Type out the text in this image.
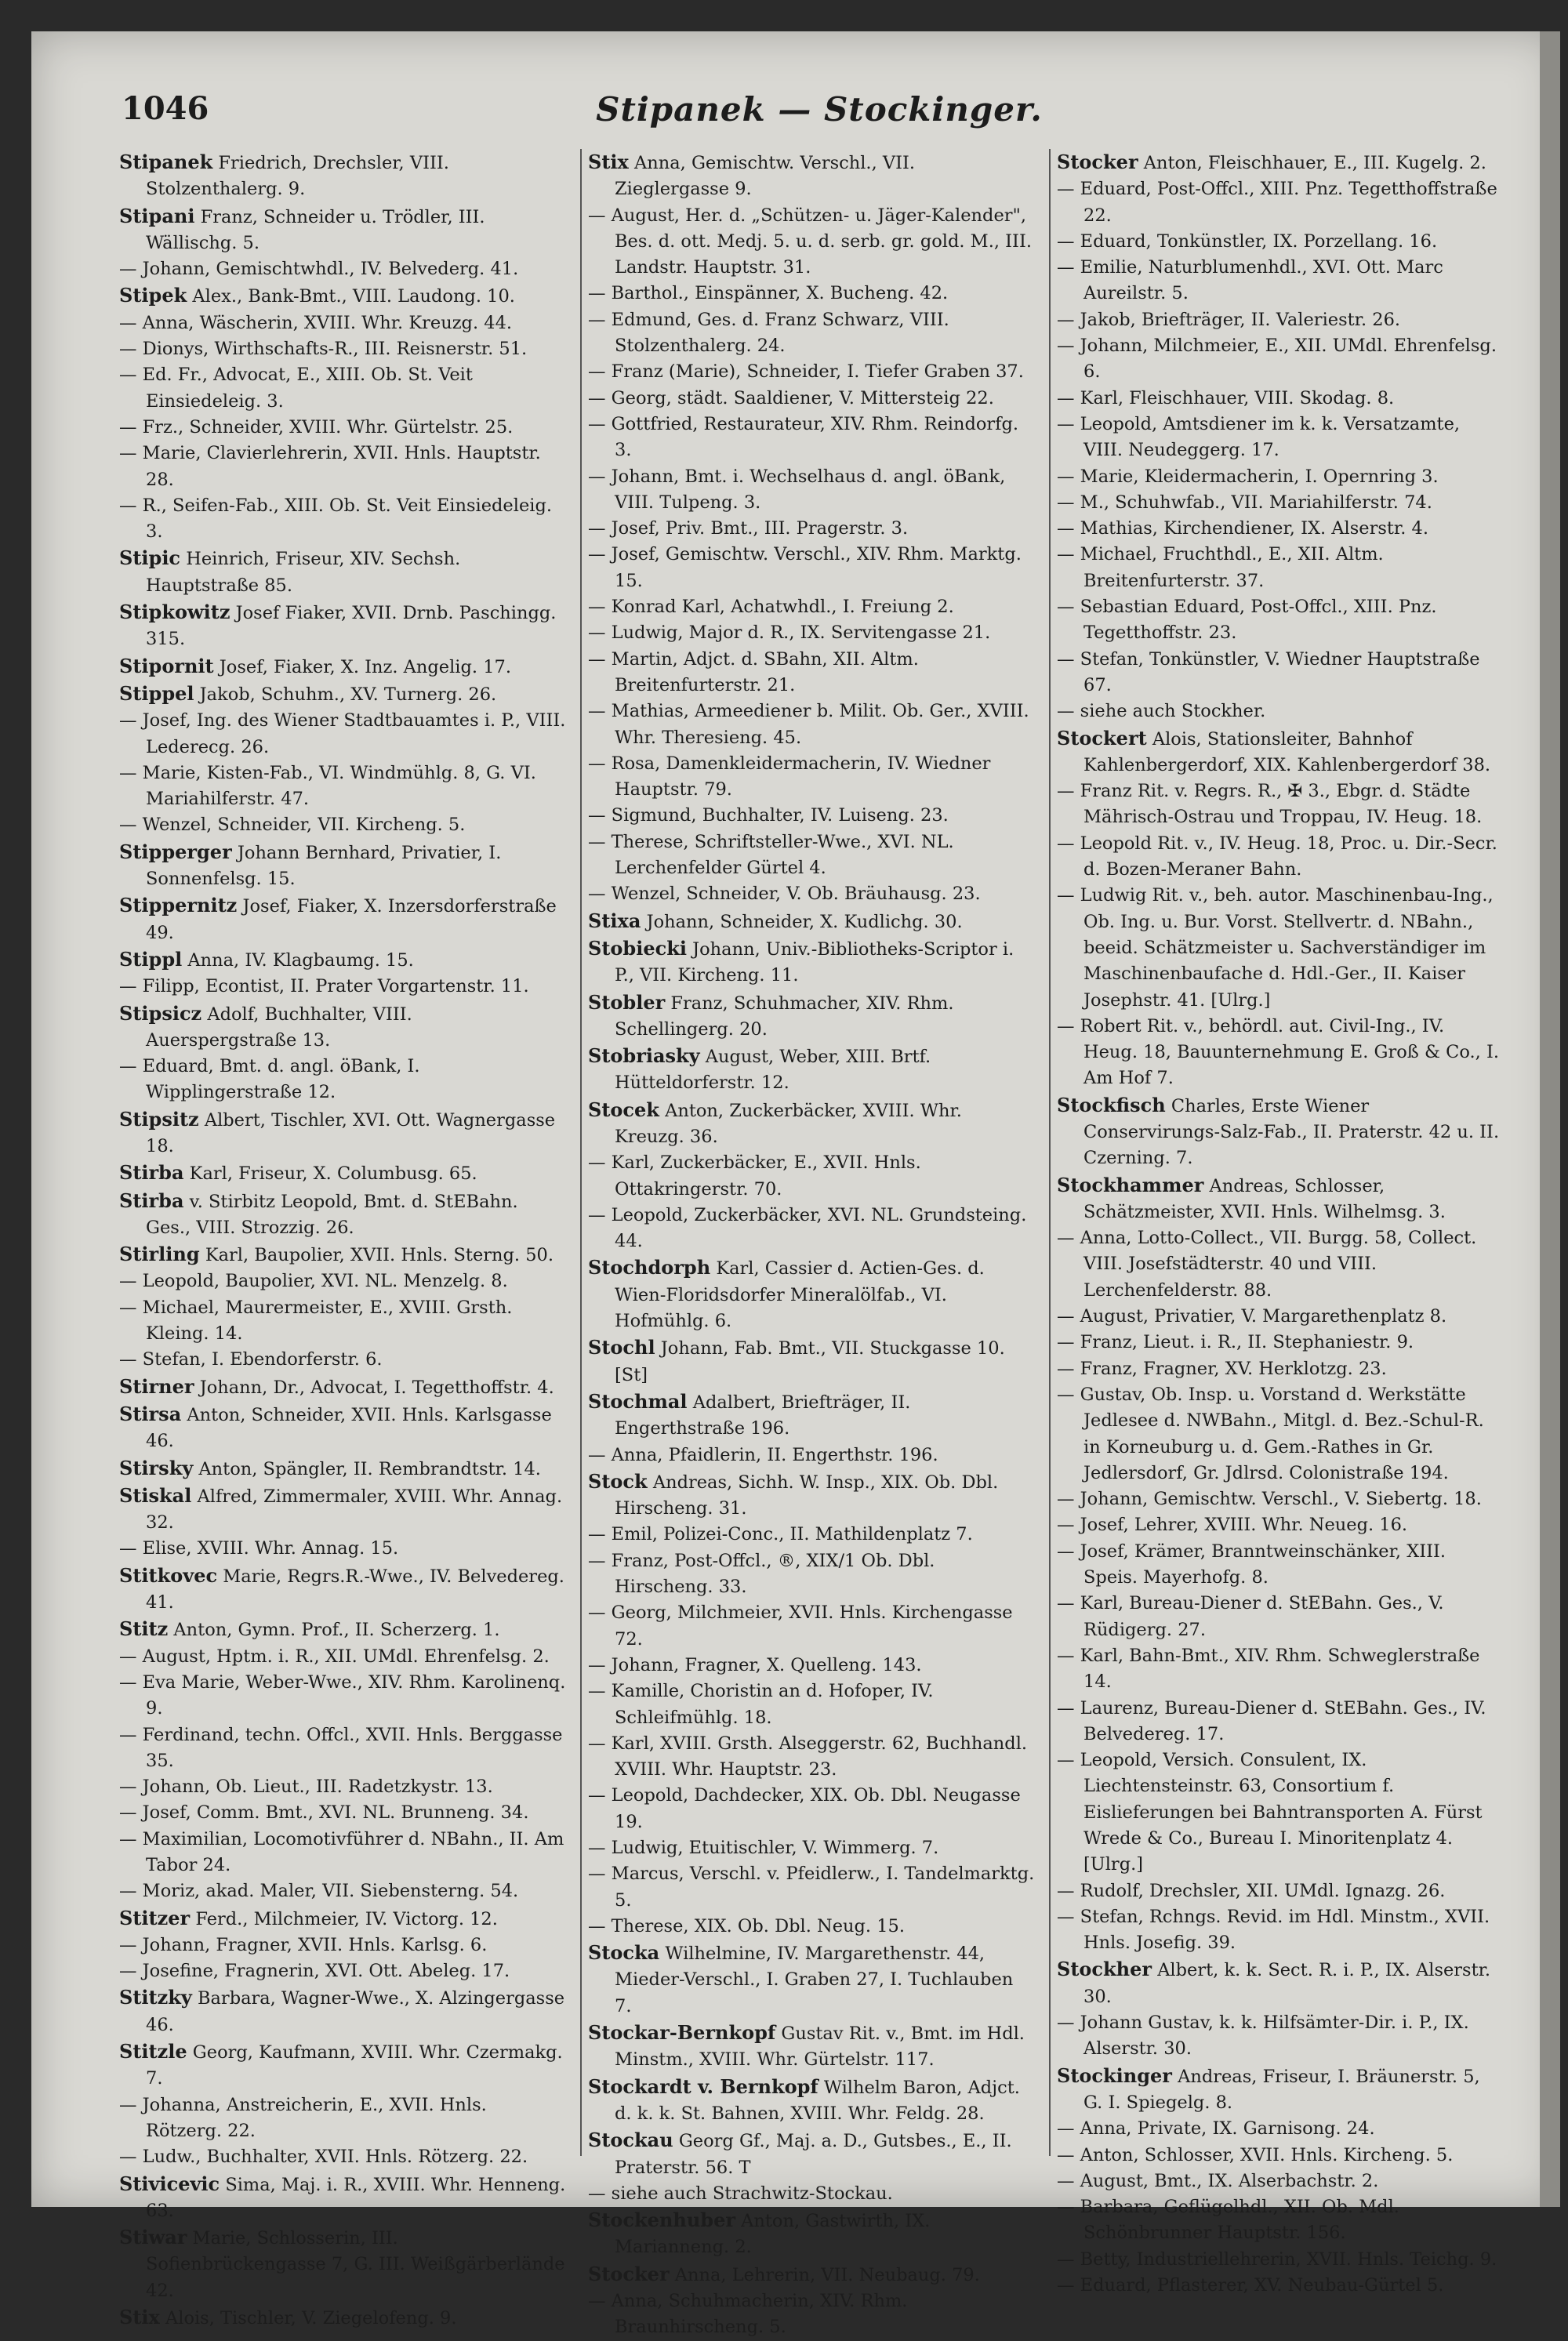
1046	Stipanek — Stockinger.
Stipanek Friedrich, Drechsler, VIII. Stolzenthalerg. 9.
Stipani Franz, Schneider u. Trödler, III. Wällischg. 5.
— Johann, Gemischtwhdl., IV. Belvederg. 41.
Stipek Alex., Bank-Bmt., VIII. Laudong. 10.
— Anna, Wäscherin, XVIII. Whr. Kreuzg. 44.
— Dionys, Wirthschafts-R., III. Reisnerstr. 51.
— Ed. Fr., Advocat, E., XIII. Ob. St. Veit Einsiedeleig. 3.
— Frz., Schneider, XVIII. Whr. Gürtelstr. 25.
— Marie, Clavierlehrerin, XVII. Hnls. Hauptstr. 28.
— R., Seifen-Fab., XIII. Ob. St. Veit Einsiedeleig. 3.
Stipic Heinrich, Friseur, XIV. Sechsh. Hauptstraße 85.
Stipkowitz Josef Fiaker, XVII. Drnb. Paschingg. 315.
Stipornit Josef, Fiaker, X. Inz. Angelig. 17.
Stippel Jakob, Schuhm., XV. Turnerg. 26.
— Josef, Ing. des Wiener Stadtbauamtes i. P., VIII. Lederecg. 26.
— Marie, Kisten-Fab., VI. Windmühlg. 8, G. VI. Mariahilferstr. 47.
— Wenzel, Schneider, VII. Kircheng. 5.
Stipperger Johann Bernhard, Privatier, I. Sonnenfelsg. 15.
Stippernitz Josef, Fiaker, X. Inzersdorferstraße 49.
Stippl Anna, IV. Klagbaumg. 15.
— Filipp, Econtist, II. Prater Vorgartenstr. 11.
Stipsicz Adolf, Buchhalter, VIII. Auerspergstraße 13.
— Eduard, Bmt. d. angl. öBank, I. Wipplingerstraße 12.
Stipsitz Albert, Tischler, XVI. Ott. Wagnergasse 18.
Stirba Karl, Friseur, X. Columbusg. 65.
Stirba v. Stirbitz Leopold, Bmt. d. StEBahn. Ges., VIII. Strozzig. 26.
Stirling Karl, Baupolier, XVII. Hnls. Sterng. 50.
— Leopold, Baupolier, XVI. NL. Menzelg. 8.
— Michael, Maurermeister, E., XVIII. Grsth. Kleing. 14.
— Stefan, I. Ebendorferstr. 6.
Stirner Johann, Dr., Advocat, I. Tegetthoffstr. 4.
Stirsa Anton, Schneider, XVII. Hnls. Karlsgasse 46.
Stirsky Anton, Spängler, II. Rembrandtstr. 14.
Stiskal Alfred, Zimmermaler, XVIII. Whr. Annag. 32.
— Elise, XVIII. Whr. Annag. 15.
Stitkovec Marie, Regrs.R.-Wwe., IV. Belvedereg. 41.
Stitz Anton, Gymn. Prof., II. Scherzerg. 1.
— August, Hptm. i. R., XII. UMdl. Ehrenfelsg. 2.
— Eva Marie, Weber-Wwe., XIV. Rhm. Karolinenq. 9.
— Ferdinand, techn. Offcl., XVII. Hnls. Berggasse 35.
— Johann, Ob. Lieut., III. Radetzkystr. 13.
— Josef, Comm. Bmt., XVI. NL. Brunneng. 34.
— Maximilian, Locomotivführer d. NBahn., II. Am Tabor 24.
— Moriz, akad. Maler, VII. Siebensterng. 54.
Stitzer Ferd., Milchmeier, IV. Victorg. 12.
— Johann, Fragner, XVII. Hnls. Karlsg. 6.
— Josefine, Fragnerin, XVI. Ott. Abeleg. 17.
Stitzky Barbara, Wagner-Wwe., X. Alzingergasse 46.
Stitzle Georg, Kaufmann, XVIII. Whr. Czermakg. 7.
— Johanna, Anstreicherin, E., XVII. Hnls. Rötzerg. 22.
— Ludw., Buchhalter, XVII. Hnls. Rötzerg. 22.
Stivicevic Sima, Maj. i. R., XVIII. Whr. Henneng. 63.
Stiwar Marie, Schlosserin, III. Sofienbrückengasse 7, G. III. Weißgärberlände 42.
Stix Alois, Tischler, V. Ziegelofeng. 9.
Stix Anna, Gemischtw. Verschl., VII. Zieglergasse 9.
— August, Her. d. „Schützen- u. Jäger-Kalender", Bes. d. ott. Medj. 5. u. d. serb. gr. gold. M., III. Landstr. Hauptstr. 31.
— Barthol., Einspänner, X. Bucheng. 42.
— Edmund, Ges. d. Franz Schwarz, VIII. Stolzenthalerg. 24.
— Franz (Marie), Schneider, I. Tiefer Graben 37.
— Georg, städt. Saaldiener, V. Mittersteig 22.
— Gottfried, Restaurateur, XIV. Rhm. Reindorfg. 3.
— Johann, Bmt. i. Wechselhaus d. angl. öBank, VIII. Tulpeng. 3.
— Josef, Priv. Bmt., III. Pragerstr. 3.
— Josef, Gemischtw. Verschl., XIV. Rhm. Marktg. 15.
— Konrad Karl, Achatwhdl., I. Freiung 2.
— Ludwig, Major d. R., IX. Servitengasse 21.
— Martin, Adjct. d. SBahn, XII. Altm. Breitenfurterstr. 21.
— Mathias, Armeediener b. Milit. Ob. Ger., XVIII. Whr. Theresieng. 45.
— Rosa, Damenkleidermacherin, IV. Wiedner Hauptstr. 79.
— Sigmund, Buchhalter, IV. Luiseng. 23.
— Therese, Schriftsteller-Wwe., XVI. NL. Lerchenfelder Gürtel 4.
— Wenzel, Schneider, V. Ob. Bräuhausg. 23.
Stixa Johann, Schneider, X. Kudlichg. 30.
Stobiecki Johann, Univ.-Bibliotheks-Scriptor i. P., VII. Kircheng. 11.
Stobler Franz, Schuhmacher, XIV. Rhm. Schellingerg. 20.
Stobriasky August, Weber, XIII. Brtf. Hütteldorferstr. 12.
Stocek Anton, Zuckerbäcker, XVIII. Whr. Kreuzg. 36.
— Karl, Zuckerbäcker, E., XVII. Hnls. Ottakringerstr. 70.
— Leopold, Zuckerbäcker, XVI. NL. Grundsteing. 44.
Stochdorph Karl, Cassier d. Actien-Ges. d. Wien-Floridsdorfer Mineralölfab., VI. Hofmühlg. 6.
Stochl Johann, Fab. Bmt., VII. Stuckgasse 10. [St]
Stochmal Adalbert, Briefträger, II. Engerthstraße 196.
— Anna, Pfaidlerin, II. Engerthstr. 196.
Stock Andreas, Sichh. W. Insp., XIX. Ob. Dbl. Hirscheng. 31.
— Emil, Polizei-Conc., II. Mathildenplatz 7.
— Franz, Post-Offcl., ®, XIX/1 Ob. Dbl. Hirscheng. 33.
— Georg, Milchmeier, XVII. Hnls. Kirchengasse 72.
— Johann, Fragner, X. Quelleng. 143.
— Kamille, Choristin an d. Hofoper, IV. Schleifmühlg. 18.
— Karl, XVIII. Grsth. Alseggerstr. 62, Buchhandl. XVIII. Whr. Hauptstr. 23.
— Leopold, Dachdecker, XIX. Ob. Dbl. Neugasse 19.
— Ludwig, Etuitischler, V. Wimmerg. 7.
— Marcus, Verschl. v. Pfeidlerw., I. Tandelmarktg. 5.
— Therese, XIX. Ob. Dbl. Neug. 15.
Stocka Wilhelmine, IV. Margarethenstr. 44, Mieder-Verschl., I. Graben 27, I. Tuchlauben 7.
Stockar-Bernkopf Gustav Rit. v., Bmt. im Hdl. Minstm., XVIII. Whr. Gürtelstr. 117.
Stockardt v. Bernkopf Wilhelm Baron, Adjct. d. k. k. St. Bahnen, XVIII. Whr. Feldg. 28.
Stockau Georg Gf., Maj. a. D., Gutsbes., E., II. Praterstr. 56. T
— siehe auch Strachwitz-Stockau.
Stockenhuber Anton, Gastwirth, IX. Marianneng. 2.
Stocker Anna, Lehrerin, VII. Neubaug. 79.
— Anna, Schuhmacherin, XIV. Rhm. Braunhirscheng. 5.
Stocker Anton, Fleischhauer, E., III. Kugelg. 2.
— Eduard, Post-Offcl., XIII. Pnz. Tegetthoffstraße 22.
— Eduard, Tonkünstler, IX. Porzellang. 16.
— Emilie, Naturblumenhdl., XVI. Ott. Marc Aureilstr. 5.
— Jakob, Briefträger, II. Valeriestr. 26.
— Johann, Milchmeier, E., XII. UMdl. Ehrenfelsg. 6.
— Karl, Fleischhauer, VIII. Skodag. 8.
— Leopold, Amtsdiener im k. k. Versatzamte, VIII. Neudeggerg. 17.
— Marie, Kleidermacherin, I. Opernring 3.
— M., Schuhwfab., VII. Mariahilferstr. 74.
— Mathias, Kirchendiener, IX. Alserstr. 4.
— Michael, Fruchthdl., E., XII. Altm. Breitenfurterstr. 37.
— Sebastian Eduard, Post-Offcl., XIII. Pnz. Tegetthoffstr. 23.
— Stefan, Tonkünstler, V. Wiedner Hauptstraße 67.
— siehe auch Stockher.
Stockert Alois, Stationsleiter, Bahnhof Kahlenbergerdorf, XIX. Kahlenbergerdorf 38.
— Franz Rit. v. Regrs. R., ✠ 3., Ebgr. d. Städte Mährisch-Ostrau und Troppau, IV. Heug. 18.
— Leopold Rit. v., IV. Heug. 18, Proc. u. Dir.-Secr. d. Bozen-Meraner Bahn.
— Ludwig Rit. v., beh. autor. Maschinenbau-Ing., Ob. Ing. u. Bur. Vorst. Stellvertr. d. NBahn., beeid. Schätzmeister u. Sachverständiger im Maschinenbaufache d. Hdl.-Ger., II. Kaiser Josephstr. 41. [Ulrg.]
— Robert Rit. v., behördl. aut. Civil-Ing., IV. Heug. 18, Bauunternehmung E. Groß & Co., I. Am Hof 7.
Stockfisch Charles, Erste Wiener Conservirungs-Salz-Fab., II. Praterstr. 42 u. II. Czerning. 7.
Stockhammer Andreas, Schlosser, Schätzmeister, XVII. Hnls. Wilhelmsg. 3.
— Anna, Lotto-Collect., VII. Burgg. 58, Collect. VIII. Josefstädterstr. 40 und VIII. Lerchenfelderstr. 88.
— August, Privatier, V. Margarethenplatz 8.
— Franz, Lieut. i. R., II. Stephaniestr. 9.
— Franz, Fragner, XV. Herklotzg. 23.
— Gustav, Ob. Insp. u. Vorstand d. Werkstätte Jedlesee d. NWBahn., Mitgl. d. Bez.-Schul-R. in Korneuburg u. d. Gem.-Rathes in Gr. Jedlersdorf, Gr. Jdlrsd. Colonistraße 194.
— Johann, Gemischtw. Verschl., V. Siebertg. 18.
— Josef, Lehrer, XVIII. Whr. Neueg. 16.
— Josef, Krämer, Branntweinschänker, XIII. Speis. Mayerhofg. 8.
— Karl, Bureau-Diener d. StEBahn. Ges., V. Rüdigerg. 27.
— Karl, Bahn-Bmt., XIV. Rhm. Schweglerstraße 14.
— Laurenz, Bureau-Diener d. StEBahn. Ges., IV. Belvedereg. 17.
— Leopold, Versich. Consulent, IX. Liechtensteinstr. 63, Consortium f. Eislieferungen bei Bahntransporten A. Fürst Wrede & Co., Bureau I. Minoritenplatz 4. [Ulrg.]
— Rudolf, Drechsler, XII. UMdl. Ignazg. 26.
— Stefan, Rchngs. Revid. im Hdl. Minstm., XVII. Hnls. Josefig. 39.
Stockher Albert, k. k. Sect. R. i. P., IX. Alserstr. 30.
— Johann Gustav, k. k. Hilfsämter-Dir. i. P., IX. Alserstr. 30.
Stockinger Andreas, Friseur, I. Bräunerstr. 5, G. I. Spiegelg. 8.
— Anna, Private, IX. Garnisong. 24.
— Anton, Schlosser, XVII. Hnls. Kircheng. 5.
— August, Bmt., IX. Alserbachstr. 2.
— Barbara, Geflügelhdl., XII. Ob. Mdl. Schönbrunner Hauptstr. 156.
— Betty, Industriellehrerin, XVII. Hnls. Teichg. 9.
— Eduard, Pflasterer, XV. Neubau-Gürtel 5.
